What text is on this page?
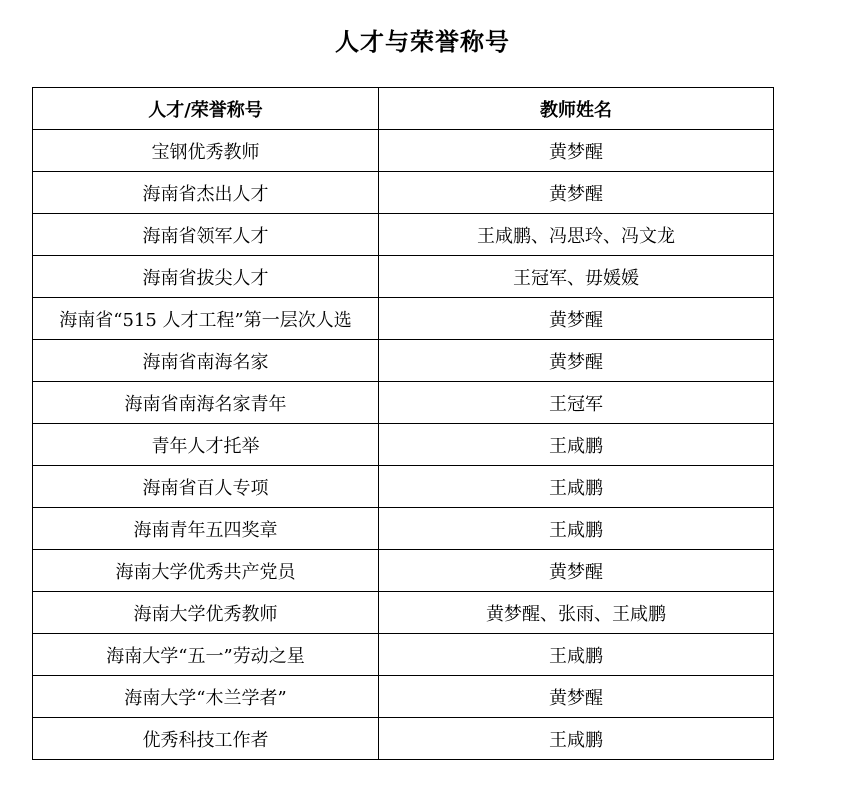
人才与荣誉称号
人才/荣誉称号	教师姓名
宝钢优秀教师	黄梦醒
海南省杰出人才	黄梦醒
海南省领军人才	王咸鹏、冯思玲、冯文龙
海南省拔尖人才	王冠军、毋媛媛
海南省“515 人才工程”第一层次人选	黄梦醒
海南省南海名家	黄梦醒
海南省南海名家青年	王冠军
青年人才托举	王咸鹏
海南省百人专项	王咸鹏
海南青年五四奖章	王咸鹏
海南大学优秀共产党员	黄梦醒
海南大学优秀教师	黄梦醒、张雨、王咸鹏
海南大学“五一”劳动之星	王咸鹏
海南大学“木兰学者”	黄梦醒
优秀科技工作者	王咸鹏
